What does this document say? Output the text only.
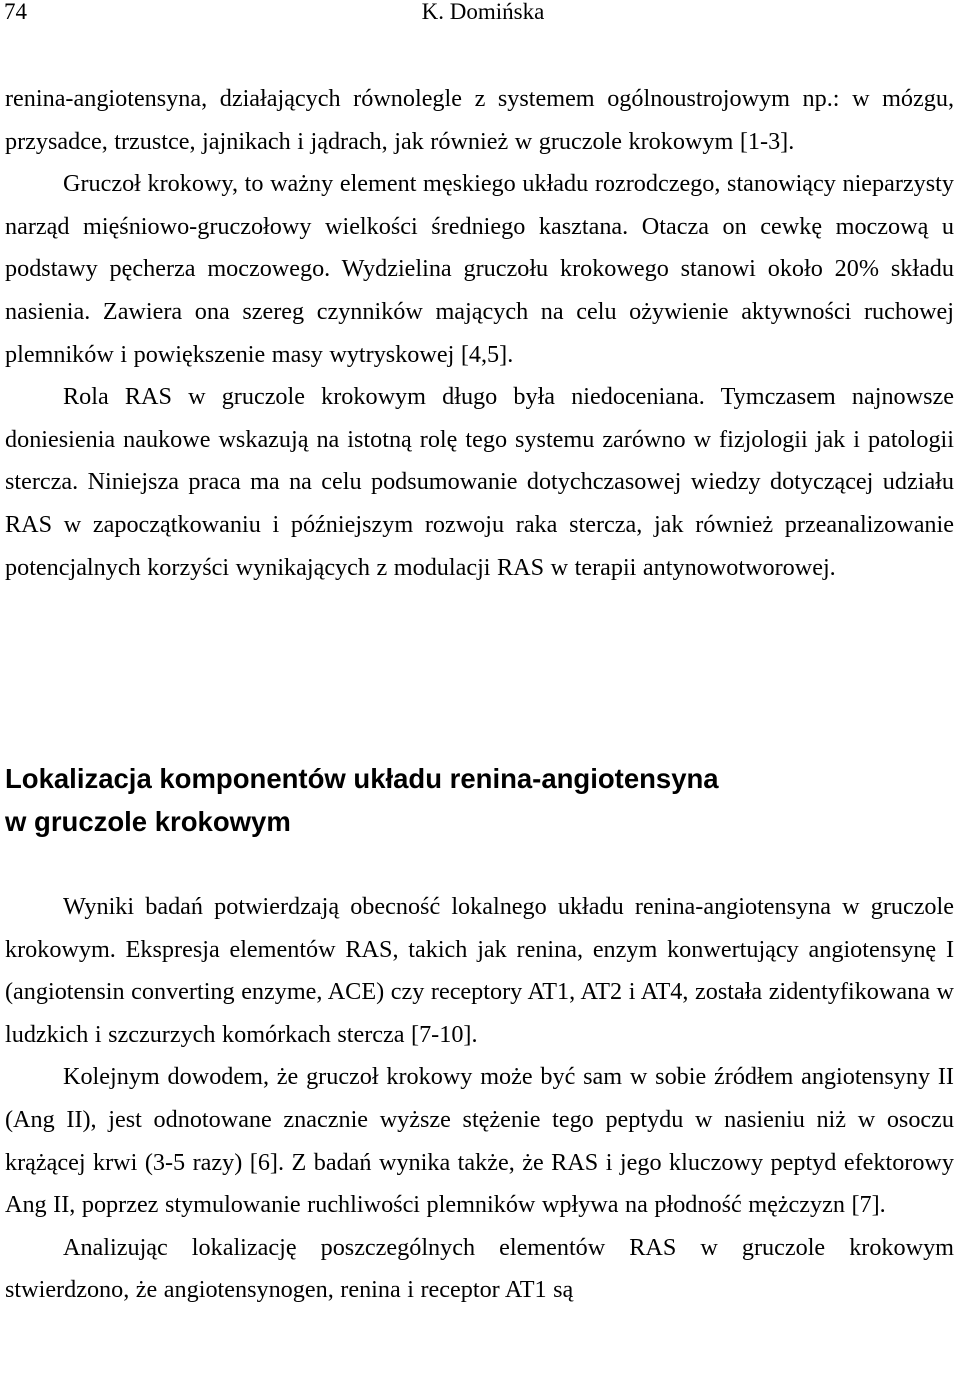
74	K. Domińska

renina-angiotensyna, działających równolegle z systemem ogólnoustrojowym np.: w mózgu, przysadce, trzustce, jajnikach i jądrach, jak również w gruczole krokowym [1-3].

Gruczoł krokowy, to ważny element męskiego układu rozrodczego, stanowiący nieparzysty narząd mięśniowo-gruczołowy wielkości średniego kasztana. Otacza on cewkę moczową u podstawy pęcherza moczowego. Wydzielina gruczołu krokowego stanowi około 20% składu nasienia. Zawiera ona szereg czynników mających na celu ożywienie aktywności ruchowej plemników i powiększenie masy wytryskowej [4,5].

Rola RAS w gruczole krokowym długo była niedoceniana. Tymczasem najnowsze doniesienia naukowe wskazują na istotną rolę tego systemu zarówno w fizjologii jak i patologii stercza. Niniejsza praca ma na celu podsumowanie dotychczasowej wiedzy dotyczącej udziału RAS w zapoczątkowaniu i późniejszym rozwoju raka stercza, jak również przeanalizowanie potencjalnych korzyści wynikających z modulacji RAS w terapii antynowotworowej.

Lokalizacja komponentów układu renina-angiotensyna
w gruczole krokowym

Wyniki badań potwierdzają obecność lokalnego układu renina-angiotensyna w gruczole krokowym. Ekspresja elementów RAS, takich jak renina, enzym konwertujący angiotensynę I (angiotensin converting enzyme, ACE) czy receptory AT1, AT2 i AT4, została zidentyfikowana w ludzkich i szczurzych komórkach stercza [7-10].

Kolejnym dowodem, że gruczoł krokowy może być sam w sobie źródłem angiotensyny II (Ang II), jest odnotowane znacznie wyższe stężenie tego peptydu w nasieniu niż w osoczu krążącej krwi (3-5 razy) [6]. Z badań wynika także, że RAS i jego kluczowy peptyd efektorowy Ang II, poprzez stymulowanie ruchliwości plemników wpływa na płodność mężczyzn [7].

Analizując lokalizację poszczególnych elementów RAS w gruczole krokowym stwierdzono, że angiotensynogen, renina i receptor AT1 są
